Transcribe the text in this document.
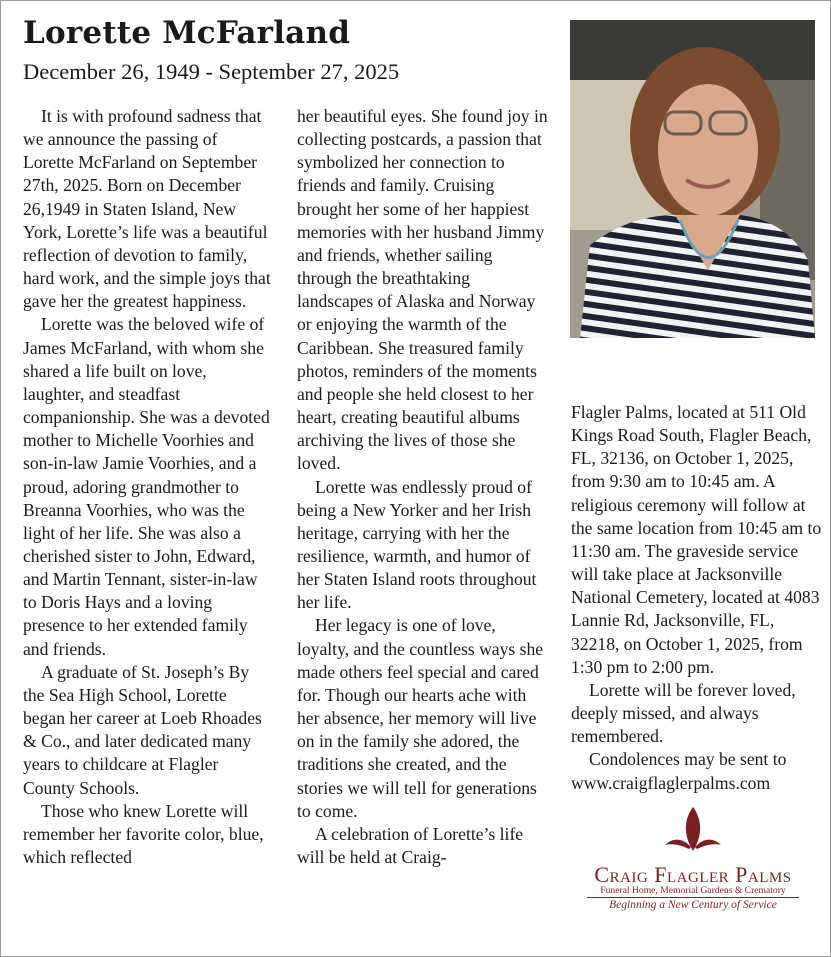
Lorette McFarland
December 26, 1949 - September 27, 2025

It is with profound sadness that we announce the passing of Lorette McFarland on September 27th, 2025. Born on December 26,1949 in Staten Island, New York, Lorette’s life was a beautiful reflection of devotion to family, hard work, and the simple joys that gave her the greatest happiness.

Lorette was the beloved wife of James McFarland, with whom she shared a life built on love, laughter, and steadfast companionship. She was a devoted mother to Michelle Voorhies and son-in-law Jamie Voorhies, and a proud, adoring grandmother to Breanna Voorhies, who was the light of her life. She was also a cherished sister to John, Edward, and Martin Tennant, sister-in-law to Doris Hays and a loving presence to her extended family and friends.

A graduate of St. Joseph’s By the Sea High School, Lorette began her career at Loeb Rhoades & Co., and later dedicated many years to childcare at Flagler County Schools.

Those who knew Lorette will remember her favorite color, blue, which reflected

her beautiful eyes. She found joy in collecting postcards, a passion that symbolized her connection to friends and family. Cruising brought her some of her happiest memories with her husband Jimmy and friends, whether sailing through the breathtaking landscapes of Alaska and Norway or enjoying the warmth of the Caribbean. She treasured family photos, reminders of the moments and people she held closest to her heart, creating beautiful albums archiving the lives of those she loved.

Lorette was endlessly proud of being a New Yorker and her Irish heritage, carrying with her the resilience, warmth, and humor of her Staten Island roots throughout her life.

Her legacy is one of love, loyalty, and the countless ways she made others feel special and cared for. Though our hearts ache with her absence, her memory will live on in the family she adored, the traditions she created, and the stories we will tell for generations to come.

A celebration of Lorette’s life will be held at Craig-

Flagler Palms, located at 511 Old Kings Road South, Flagler Beach, FL, 32136, on October 1, 2025, from 9:30 am to 10:45 am. A religious ceremony will follow at the same location from 10:45 am to 11:30 am. The graveside service will take place at Jacksonville National Cemetery, located at 4083 Lannie Rd, Jacksonville, FL, 32218, on October 1, 2025, from 1:30 pm to 2:00 pm.

Lorette will be forever loved, deeply missed, and always remembered.

Condolences may be sent to www.craigflaglerpalms.com

Craig Flagler Palms
Funeral Home, Memorial Gardens & Crematory
Beginning a New Century of Service
